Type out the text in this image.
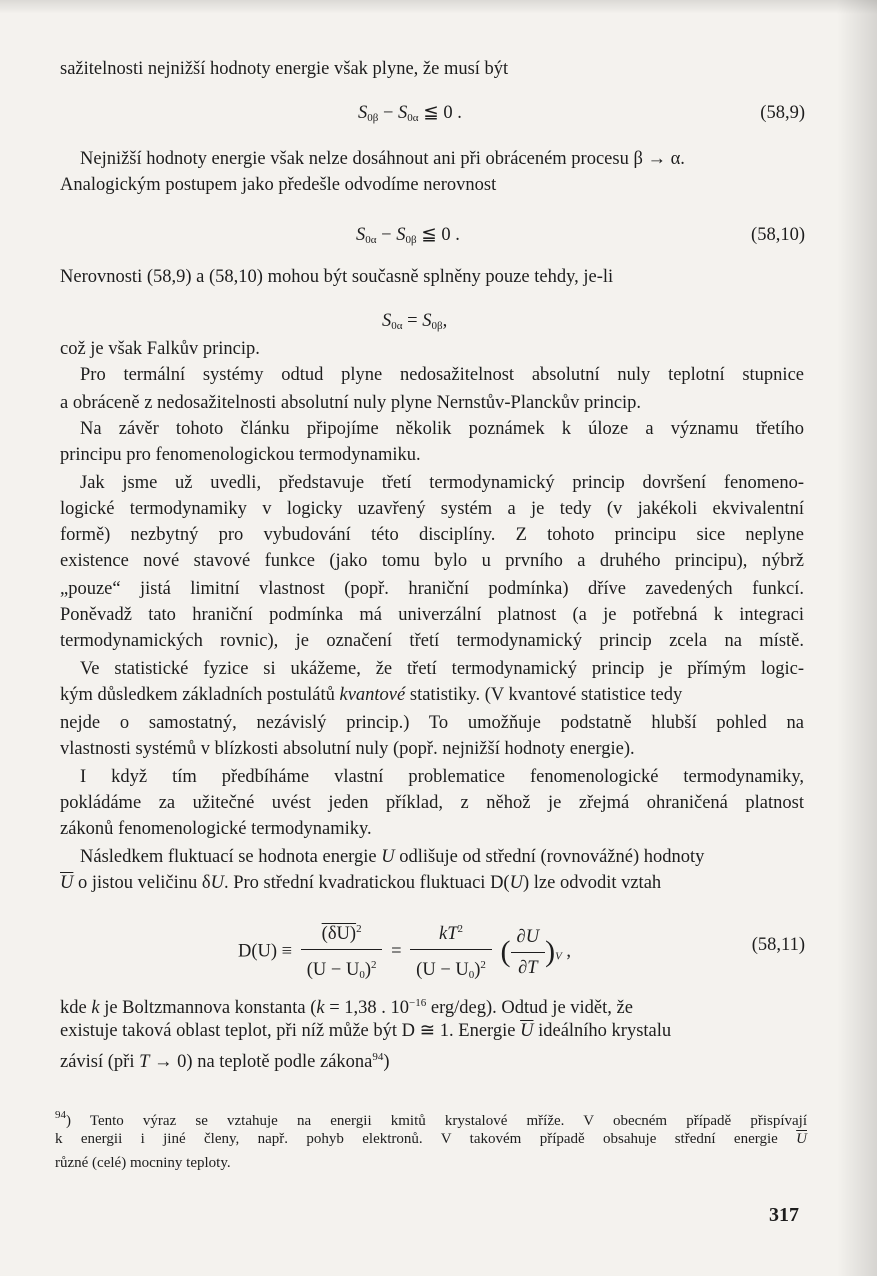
sažitelnosti nejnižší hodnoty energie však plyne, že musí být
$S_{0\beta} - S_{0\alpha}$ ≦ 0 .	(58,9)
Nejnižší hodnoty energie však nelze dosáhnout ani při obráceném procesu β → α.
Analogickým postupem jako předešle odvodíme nerovnost
$S_{0\alpha} - S_{0\beta}$ ≦ 0 .	(58,10)
Nerovnosti (58,9) a (58,10) mohou být současně splněny pouze tehdy, je-li
$S_{0\alpha} = S_{0\beta}$,
což je však Falkův princip.
Pro termální systémy odtud plyne nedosažitelnost absolutní nuly teplotní stupnice
a obráceně z nedosažitelnosti absolutní nuly plyne Nernstův-Planckův princip.
Na závěr tohoto článku připojíme několik poznámek k úloze a významu třetího
principu pro fenomenologickou termodynamiku.
Jak jsme už uvedli, představuje třetí termodynamický princip dovršení fenomeno-
logické termodynamiky v logicky uzavřený systém a je tedy (v jakékoli ekvivalentní
formě) nezbytný pro vybudování této disciplíny. Z tohoto principu sice neplyne
existence nové stavové funkce (jako tomu bylo u prvního a druhého principu), nýbrž
„pouze“ jistá limitní vlastnost (popř. hraniční podmínka) dříve zavedených funkcí.
Poněvadž tato hraniční podmínka má univerzální platnost (a je potřebná k integraci
termodynamických rovnic), je označení třetí termodynamický princip zcela na místě.
Ve statistické fyzice si ukážeme, že třetí termodynamický princip je přímým logic-
kým důsledkem základních postulátů kvantové statistiky. (V kvantové statistice tedy
nejde o samostatný, nezávislý princip.) To umožňuje podstatně hlubší pohled na
vlastnosti systémů v blízkosti absolutní nuly (popř. nejnižší hodnoty energie).
I když tím předbíháme vlastní problematice fenomenologické termodynamiky,
pokládáme za užitečné uvést jeden příklad, z něhož je zřejmá ohraničená platnost
zákonů fenomenologické termodynamiky.
Následkem fluktuací se hodnota energie U odlišuje od střední (rovnovážné) hodnoty
$\overline{U}$ o jistou veličinu δU. Pro střední kvadratickou fluktuaci D(U) lze odvodit vztah
$D(U) \equiv \frac{(\delta U)^2}{(U - U_0)^2} = \frac{kT^2}{(U - U_0)^2}$ ( $\frac{\partial U}{\partial T} )_V$ ,	(58,11)
kde k je Boltzmannova konstanta (k = 1,38 . $10^{-16}$ erg/deg). Odtud je vidět, že
existuje taková oblast teplot, při níž může být D ≅ 1. Energie $\overline{U}$ ideálního krystalu
závisí (při T → 0) na teplotě podle zákona$^{94}$)
$^{94}$) Tento výraz se vztahuje na energii kmitů krystalové mříže. V obecném případě přispívají
k energii i jiné členy, např. pohyb elektronů. V takovém případě obsahuje střední energie $\overline{U}$
různé (celé) mocniny teploty.
317
